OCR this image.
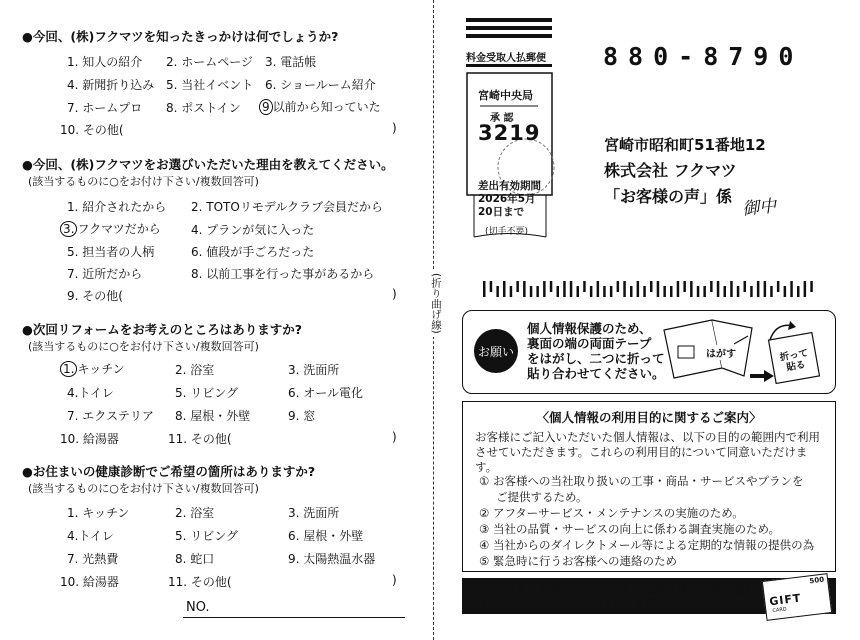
●今回、(株)フクマツを知ったきっかけは何でしょうか?
1. 知人の紹介 2. ホームページ 3. 電話帳
4. 新聞折り込み 5. 当社イベント 6. ショールーム紹介
7. ホームプロ 8. ポストイン 9 以前から知っていた
10. その他(	)
●今回、(株)フクマツをお選びいただいた理由を教えてください。
(該当するものに○をお付け下さい/複数回答可)
1. 紹介されたから 2. TOTOリモデルクラブ会員だから
3. フクマツだから	4. プランが気に入った
5. 担当者の人柄	6. 値段が手ごろだった
7. 近所だから	8. 以前工事を行った事があるから
9. その他(	)
●次回リフォームをお考えのところはありますか?
(該当するものに○をお付け下さい/複数回答可)
1. キッチン	2. 浴室	3. 洗面所
4.トイレ	5. リビング	6. オール電化
7. エクステリア 8. 屋根・外壁	9. 窓
10. 給湯器	11. その他(	)
●お住まいの健康診断でご希望の箇所はありますか?
(該当するものに○をお付け下さい/複数回答可)
1. キッチン	2. 浴室	3. 洗面所
4.トイレ	5. リビング	6. 屋根・外壁
7. 光熱費	8. 蛇口	9. 太陽熱温水器
10. 給湯器	11. その他(	)
NO.
(折り曲げ線)
料金受取人払郵便
宮崎中央局
承 認
3219
差出有効期間
2026年5月
20日まで
(切手不要)
880-8790
宮崎市昭和町51番地12
株式会社 フクマツ
「お客様の声」係 御中
お願い
個人情報保護のため、
裏面の端の両面テープ
をはがし、二つに折って
貼り合わせてください。
はがす	折って貼る
〈個人情報の利用目的に関するご案内〉
お客様にご記入いただいた個人情報は、以下の目的の範囲内で利用させていただきます。これらの利用目的について同意いただけます。
① お客様への当社取り扱いの工事・商品・サービスやプランを
ご提供するため。
② アフターサービス・メンテナンスの実施のため。
③ 当社の品質・サービスの向上に係わる調査実施のため。
④ 当社からのダイレクトメール等による定期的な情報の提供の為
⑤ 緊急時に行うお客様への連絡のため
アンケートに記載の上、ハガキをご返信頂いたお客様に
もれなくQUOカード500円分を進呈!!
500
GIFT
CARD
